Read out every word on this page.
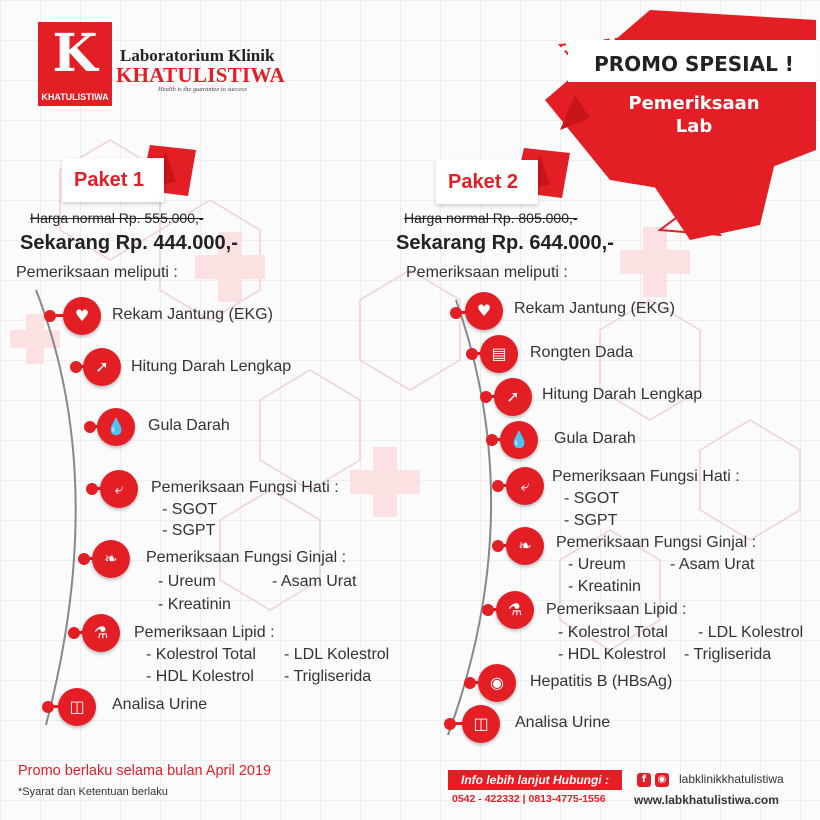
K
KHATULISTIWA
Laboratorium Klinik
KHATULISTIWA
Health is the guarantee to success
PROMO SPESIAL !
Pemeriksaan
Lab
Paket 1
Harga normal Rp. 555.000,-
Sekarang Rp. 444.000,-
Pemeriksaan meliputi :
♥	Rekam Jantung (EKG)
➚	Hitung Darah Lengkap
💧	Gula Darah
⤶	Pemeriksaan Fungsi Hati :
- SGOT
- SGPT
❧	Pemeriksaan Fungsi Ginjal :
- Ureum	- Asam Urat
- Kreatinin
⚗	Pemeriksaan Lipid :
- Kolestrol Total - LDL Kolestrol
- HDL Kolestrol - Trigliserida
◫	Analisa Urine
Paket 2
Harga normal Rp. 805.000,-
Sekarang Rp. 644.000,-
Pemeriksaan meliputi :
♥	Rekam Jantung (EKG)
▤	Rongten Dada
➚	Hitung Darah Lengkap
💧	Gula Darah
⤶	Pemeriksaan Fungsi Hati :
- SGOT
- SGPT
❧	Pemeriksaan Fungsi Ginjal :
- Ureum	- Asam Urat
- Kreatinin
⚗	Pemeriksaan Lipid :
- Kolestrol Total - LDL Kolestrol
- HDL Kolestrol - Trigliserida
◉	Hepatitis B (HBsAg)
◫	Analisa Urine
Promo berlaku selama bulan April 2019
*Syarat dan Ketentuan berlaku
Info lebih lanjut Hubungi :
0542 - 422332 | 0813-4775-1556
f	◉ labklinikkhatulistiwa
www.labkhatulistiwa.com
